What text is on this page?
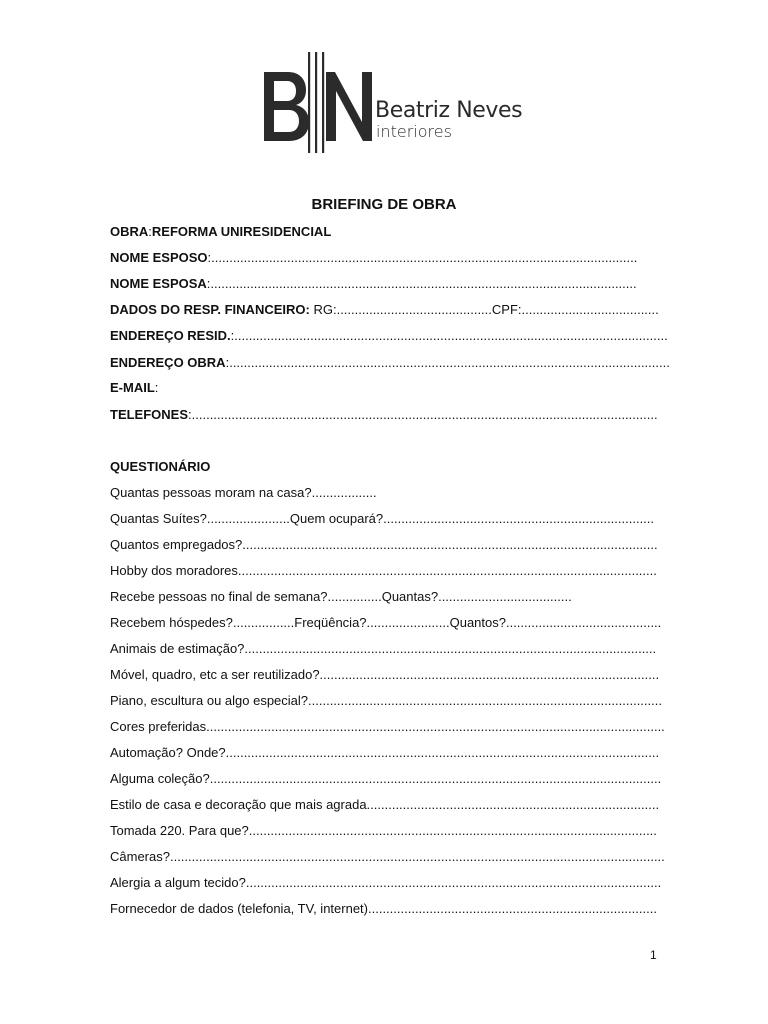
Beatriz Neves
interiores
BRIEFING DE OBRA
OBRA:REFORMA UNIRESIDENCIAL
NOME ESPOSO:......................................................................................................................
NOME ESPOSA:......................................................................................................................
DADOS DO RESP. FINANCEIRO: RG:...........................................CPF:......................................
ENDEREÇO RESID.:........................................................................................................................
ENDEREÇO OBRA:..........................................................................................................................
E-MAIL:
TELEFONES:.................................................................................................................................
QUESTIONÁRIO
Quantas pessoas moram na casa?..................
Quantas Suítes?.......................Quem ocupará?...........................................................................
Quantos empregados?...................................................................................................................
Hobby dos moradores....................................................................................................................
Recebe pessoas no final de semana?...............Quantas?.....................................
Recebem hóspedes?.................Freqüência?.......................Quantos?...........................................
Animais de estimação?..................................................................................................................
Móvel, quadro, etc a ser reutilizado?..............................................................................................
Piano, escultura ou algo especial?..................................................................................................
Cores preferidas...............................................................................................................................
Automação? Onde?........................................................................................................................
Alguma coleção?.............................................................................................................................
Estilo de casa e decoração que mais agrada.................................................................................
Tomada 220. Para que?.................................................................................................................
Câmeras?.........................................................................................................................................
Alergia a algum tecido?...................................................................................................................
Fornecedor de dados (telefonia, TV, internet)................................................................................
1
